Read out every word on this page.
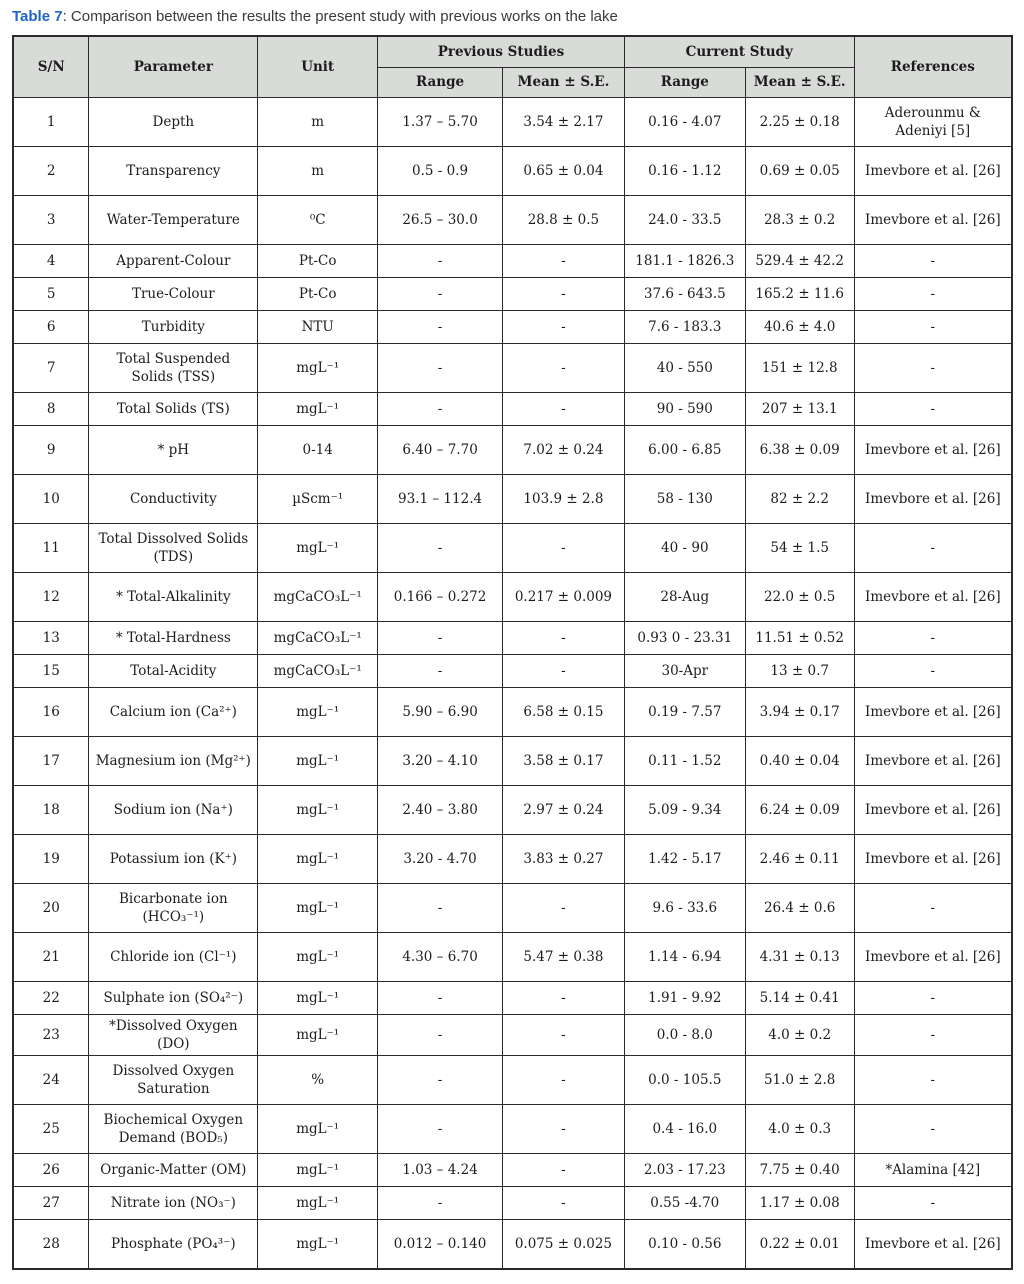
Table 7: Comparison between the results the present study with previous works on the lake
S/N	Parameter	Unit	Previous Studies		Current Study		References
			Range	Mean ± S.E.	Range	Mean ± S.E.	
1	Depth	m	1.37 – 5.70	3.54 ± 2.17	0.16 - 4.07	2.25 ± 0.18	Aderounmu & Adeniyi [5]
2	Transparency	m	0.5 - 0.9	0.65 ± 0.04	0.16 - 1.12	0.69 ± 0.05	Imevbore et al. [26]
3	Water-Temperature	⁰C	26.5 – 30.0	28.8 ± 0.5	24.0 - 33.5	28.3 ± 0.2	Imevbore et al. [26]
4	Apparent-Colour	Pt-Co	-	-	181.1 - 1826.3	529.4 ± 42.2	-
5	True-Colour	Pt-Co	-	-	37.6 - 643.5	165.2 ± 11.6	-
6	Turbidity	NTU	-	-	7.6 - 183.3	40.6 ± 4.0	-
7	Total Suspended Solids (TSS)	mgL⁻¹	-	-	40 - 550	151 ± 12.8	-
8	Total Solids (TS)	mgL⁻¹	-	-	90 - 590	207 ± 13.1	-
9	* pH	0-14	6.40 – 7.70	7.02 ± 0.24	6.00 - 6.85	6.38 ± 0.09	Imevbore et al. [26]
10	Conductivity	µScm⁻¹	93.1 – 112.4	103.9 ± 2.8	58 - 130	82 ± 2.2	Imevbore et al. [26]
11	Total Dissolved Solids (TDS)	mgL⁻¹	-	-	40 - 90	54 ± 1.5	-
12	* Total-Alkalinity	mgCaCO₃L⁻¹	0.166 – 0.272	0.217 ± 0.009	28-Aug	22.0 ± 0.5	Imevbore et al. [26]
13	* Total-Hardness	mgCaCO₃L⁻¹	-	-	0.93 0 - 23.31	11.51 ± 0.52	-
15	Total-Acidity	mgCaCO₃L⁻¹	-	-	30-Apr	13 ± 0.7	-
16	Calcium ion (Ca²⁺)	mgL⁻¹	5.90 – 6.90	6.58 ± 0.15	0.19 - 7.57	3.94 ± 0.17	Imevbore et al. [26]
17	Magnesium ion (Mg²⁺)	mgL⁻¹	3.20 – 4.10	3.58 ± 0.17	0.11 - 1.52	0.40 ± 0.04	Imevbore et al. [26]
18	Sodium ion (Na⁺)	mgL⁻¹	2.40 – 3.80	2.97 ± 0.24	5.09 - 9.34	6.24 ± 0.09	Imevbore et al. [26]
19	Potassium ion (K⁺)	mgL⁻¹	3.20 - 4.70	3.83 ± 0.27	1.42 - 5.17	2.46 ± 0.11	Imevbore et al. [26]
20	Bicarbonate ion (HCO₃⁻¹)	mgL⁻¹	-	-	9.6 - 33.6	26.4 ± 0.6	-
21	Chloride ion (Cl⁻¹)	mgL⁻¹	4.30 – 6.70	5.47 ± 0.38	1.14 - 6.94	4.31 ± 0.13	Imevbore et al. [26]
22	Sulphate ion (SO₄²⁻)	mgL⁻¹	-	-	1.91 - 9.92	5.14 ± 0.41	-
23	*Dissolved Oxygen (DO)	mgL⁻¹	-	-	0.0 - 8.0	4.0 ± 0.2	-
24	Dissolved Oxygen Saturation	%	-	-	0.0 - 105.5	51.0 ± 2.8	-
25	Biochemical Oxygen Demand (BOD₅)	mgL⁻¹	-	-	0.4 - 16.0	4.0 ± 0.3	-
26	Organic-Matter (OM)	mgL⁻¹	1.03 – 4.24	-	2.03 - 17.23	7.75 ± 0.40	*Alamina [42]
27	Nitrate ion (NO₃⁻)	mgL⁻¹	-	-	0.55 -4.70	1.17 ± 0.08	-
28	Phosphate (PO₄³⁻)	mgL⁻¹	0.012 – 0.140	0.075 ± 0.025	0.10 - 0.56	0.22 ± 0.01	Imevbore et al. [26]
